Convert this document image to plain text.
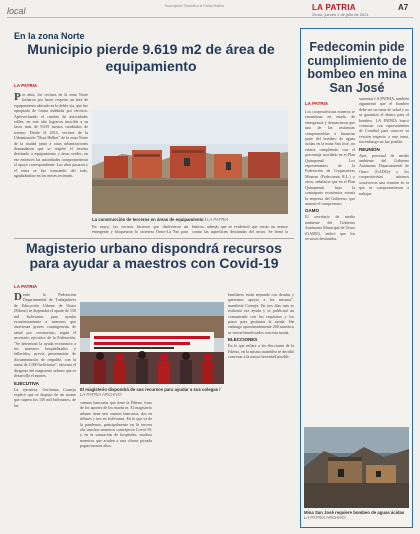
local	Suscripción Periódico la Patria Bolivia	LA PATRIA	A7
Oruro, jueves 1 de julio de 2021
En la zona Norte
Municipio pierde 9.619 m2 de área de equipamiento
LA PATRIA
Por años, los vecinos de la zona Norte lucharon por hacer respetar un área de equipamiento ubicado en la doble vía, que fue apropiada de forma indebida por terceros. Aprovechando el cambio de autoridades ediles, en este año lograron inscribir a su favor más de 9.619 metros cuadrados de terreno. Desde el 2014, vecinos de la Urbanización "Dora Hidker" de la zona Norte de la ciudad junto a otras urbanizaciones demandaron que se respete el terreno destinado a equipamiento y áreas verdes, en ese entonces las autoridades comprometieron el apoyo correspondiente. Los años pasaron y el tema se fue truncando del todo, agudizándose en los meses recientes.
La construcción de terceros en áreas de equipamiento / LA PATRIA
En mayo, los vecinos hicieron que disolvieron un emergente y bloquearon la carretera Oruro-La Paz para
básicos, además que se evidenció que existe un avance contra las superficies destinadas del sector. Se frenó la
Magisterio urbano dispondrá recursos para ayudar a maestros con Covid-19
LA PATRIA
Desde la Federación Departamental de Trabajadores de Educación Urbana de Oruro (Fdteuo) se dispondrá el aporte de 150 mil bolivianos para ayudar económicamente a maestros que atraviesan graves contingencias de salud por coronavirus, según el secretario ejecutivo de la Federación. "Se determinó la ayuda económica a los maestros hospitalizados y fallecidos, previa presentación de documentación de respaldo, con la suma de 1.000 bolivianos", informó el dirigente del magisterio urbano que se desarrolló el martes.
EJECUTIVA
La ejecutiva, Gerónima Cornejo explicó que se dispuso de un monto que supera los 150 mil bolivianos, de las
El magisterio dispondrá de sus recursos para ayudar a sus colegas / LA PATRIA ARCHIVO
cuentas bancarias que tiene la Fdteuo, fruto de los aportes de los maestros. El magisterio urbano tiene seis cuentas bancarias, dos en dólares y tres en bolivianos. En lo que va de la pandemia, principalmente en la tercera ola, muchos maestros contrajeron Covid-19, y en la saturación de hospitales, muchos maestros que acuden a una clínica privada pagan montos altos.
familiares están trepando con deudas y queremos apoyar a los mismos", manifestó Cornejo. En tres días más se realizará esa ayuda y se publicará un comunicado con los requisitos y los pasos para gestionar la ayuda. Sin embargo aproximadamente 200 maestros se vieron beneficiados con esta ayuda.
ELECCIONES
En lo que refiere a las elecciones de la Fdteuo, en la misma asamblea se decidió convocar a la mayor brevedad posible.
Fedecomin pide cumplimiento de bombeo en mina San José
LA PATRIA
Los cooperativistas mineros se encuentran en estado de emergencia y denunciaron que una de las instancias comprometidas a financiar parte del bombeo de aguas ácidas en la mina San José, no estaría cumpliendo con el porcentaje acordado en el Plan Quinquenal. Los representantes de la Federación de Cooperativas Mineras (Fedecomin R.L.) y otros, señalaron que en el Plan Quinquenal, bajo la contraparte económica estaría la empresa del Gobierno, que asumió el compromiso.
GAMO
El secretario de medio ambiente del Gobierno Autónomo Municipal de Oruro (GAMO), indicó que los recursos destinados.
sustentar LA PATRIA, también argumentó que el bombeo debe ser un tema de salud y no se garantiza el dinero para el bombeo. LA PATRIA buscó contactar con representantes de Comibol para conocer su versión respecto a este tema, sin embargo no fue posible.
REUNIÓN
Ayer, personal de medio ambiente del Gobierno Autónomo Departamental de Oruro (GADOr) y los cooperativistas mineros sostuvieron una reunión en la que se comprometieron a trabajar.
Mina San José requiere bombeo de aguas ácidas
LA PATRIA ARCHIVO
